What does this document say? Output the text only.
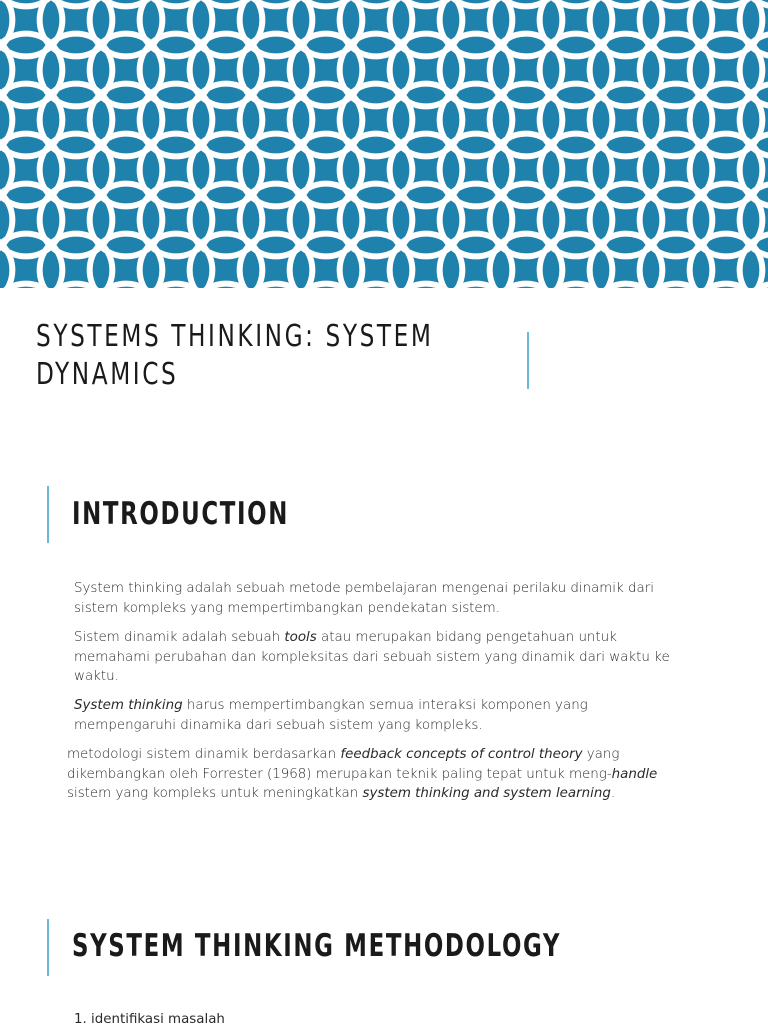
SYSTEMS THINKING: SYSTEM DYNAMICS
INTRODUCTION

System thinking adalah sebuah metode pembelajaran mengenai perilaku dinamik dari sistem kompleks yang mempertimbangkan pendekatan sistem.

Sistem dinamik adalah sebuah tools atau merupakan bidang pengetahuan untuk memahami perubahan dan kompleksitas dari sebuah sistem yang dinamik dari waktu ke waktu.

System thinking harus mempertimbangkan semua interaksi komponen yang mempengaruhi dinamika dari sebuah sistem yang kompleks.

metodologi sistem dinamik berdasarkan feedback concepts of control theory yang dikembangkan oleh Forrester (1968) merupakan teknik paling tepat untuk meng-handle sistem yang kompleks untuk meningkatkan system thinking and system learning.

SYSTEM THINKING METHODOLOGY

1. identifikasi masalah
